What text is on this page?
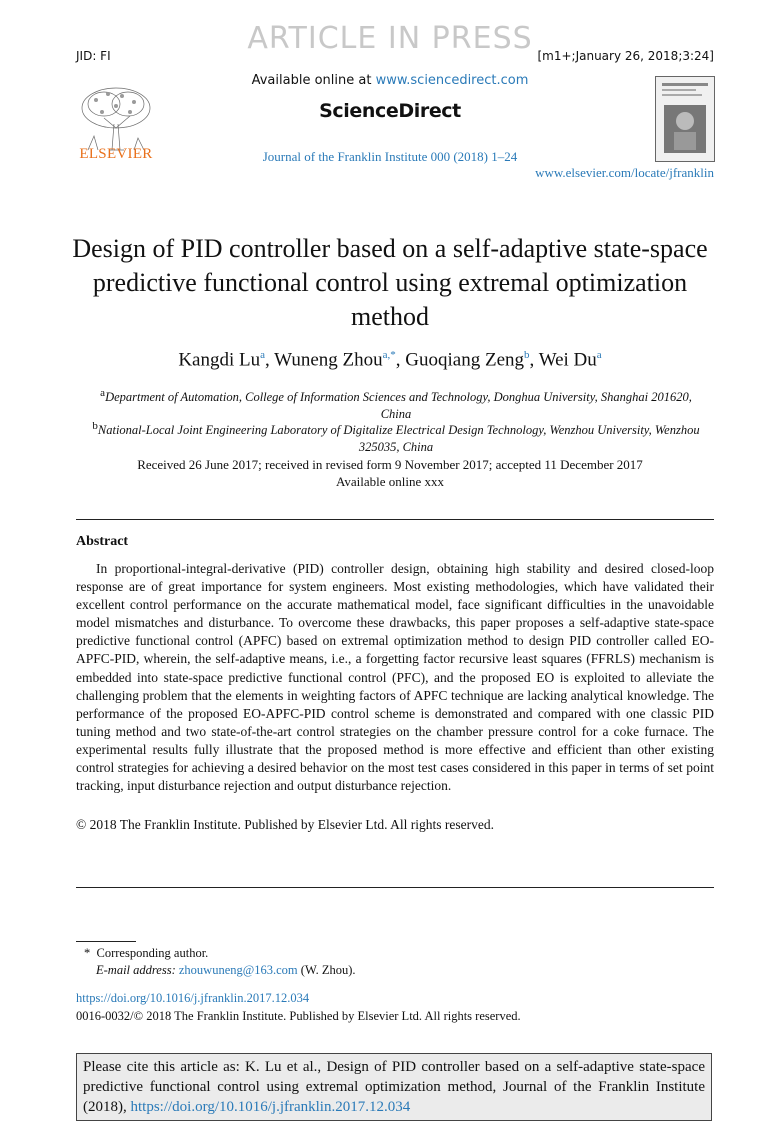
ARTICLE IN PRESS
JID: FI	[m1+;January 26, 2018;3:24]
ELSEVIER
Available online at www.sciencedirect.com
ScienceDirect
Journal of the Franklin Institute 000 (2018) 1–24
www.elsevier.com/locate/jfranklin
Design of PID controller based on a self-adaptive state-space predictive functional control using extremal optimization method
Kangdi Lu$^a$, Wuneng Zhou$^{a,*}$, Guoqiang Zeng$^b$, Wei Du$^a$
$^a$Department of Automation, College of Information Sciences and Technology, Donghua University, Shanghai 201620, China
$^b$National-Local Joint Engineering Laboratory of Digitalize Electrical Design Technology, Wenzhou University, Wenzhou 325035, China
Received 26 June 2017; received in revised form 9 November 2017; accepted 11 December 2017
Available online xxx
Abstract
In proportional-integral-derivative (PID) controller design, obtaining high stability and desired closed-loop response are of great importance for system engineers. Most existing methodologies, which have validated their excellent control performance on the accurate mathematical model, face significant difficulties in the unavoidable model mismatches and disturbance. To overcome these drawbacks, this paper proposes a self-adaptive state-space predictive functional control (APFC) based on extremal optimization method to design PID controller called EO-APFC-PID, wherein, the self-adaptive means, i.e., a forgetting factor recursive least squares (FFRLS) mechanism is embedded into state-space predictive functional control (PFC), and the proposed EO is exploited to alleviate the challenging problem that the elements in weighting factors of APFC technique are lacking analytical knowledge. The performance of the proposed EO-APFC-PID control scheme is demonstrated and compared with one classic PID tuning method and two state-of-the-art control strategies on the chamber pressure control for a coke furnace. The experimental results fully illustrate that the proposed method is more effective and efficient than other existing control strategies for achieving a desired behavior on the most test cases considered in this paper in terms of set point tracking, input disturbance rejection and output disturbance rejection.
© 2018 The Franklin Institute. Published by Elsevier Ltd. All rights reserved.
* Corresponding author.
E-mail address: zhouwuneng@163.com (W. Zhou).
https://doi.org/10.1016/j.jfranklin.2017.12.034
0016-0032/© 2018 The Franklin Institute. Published by Elsevier Ltd. All rights reserved.
Please cite this article as: K. Lu et al., Design of PID controller based on a self-adaptive state-space predictive functional control using extremal optimization method, Journal of the Franklin Institute (2018), https://doi.org/10.1016/j.jfranklin.2017.12.034
